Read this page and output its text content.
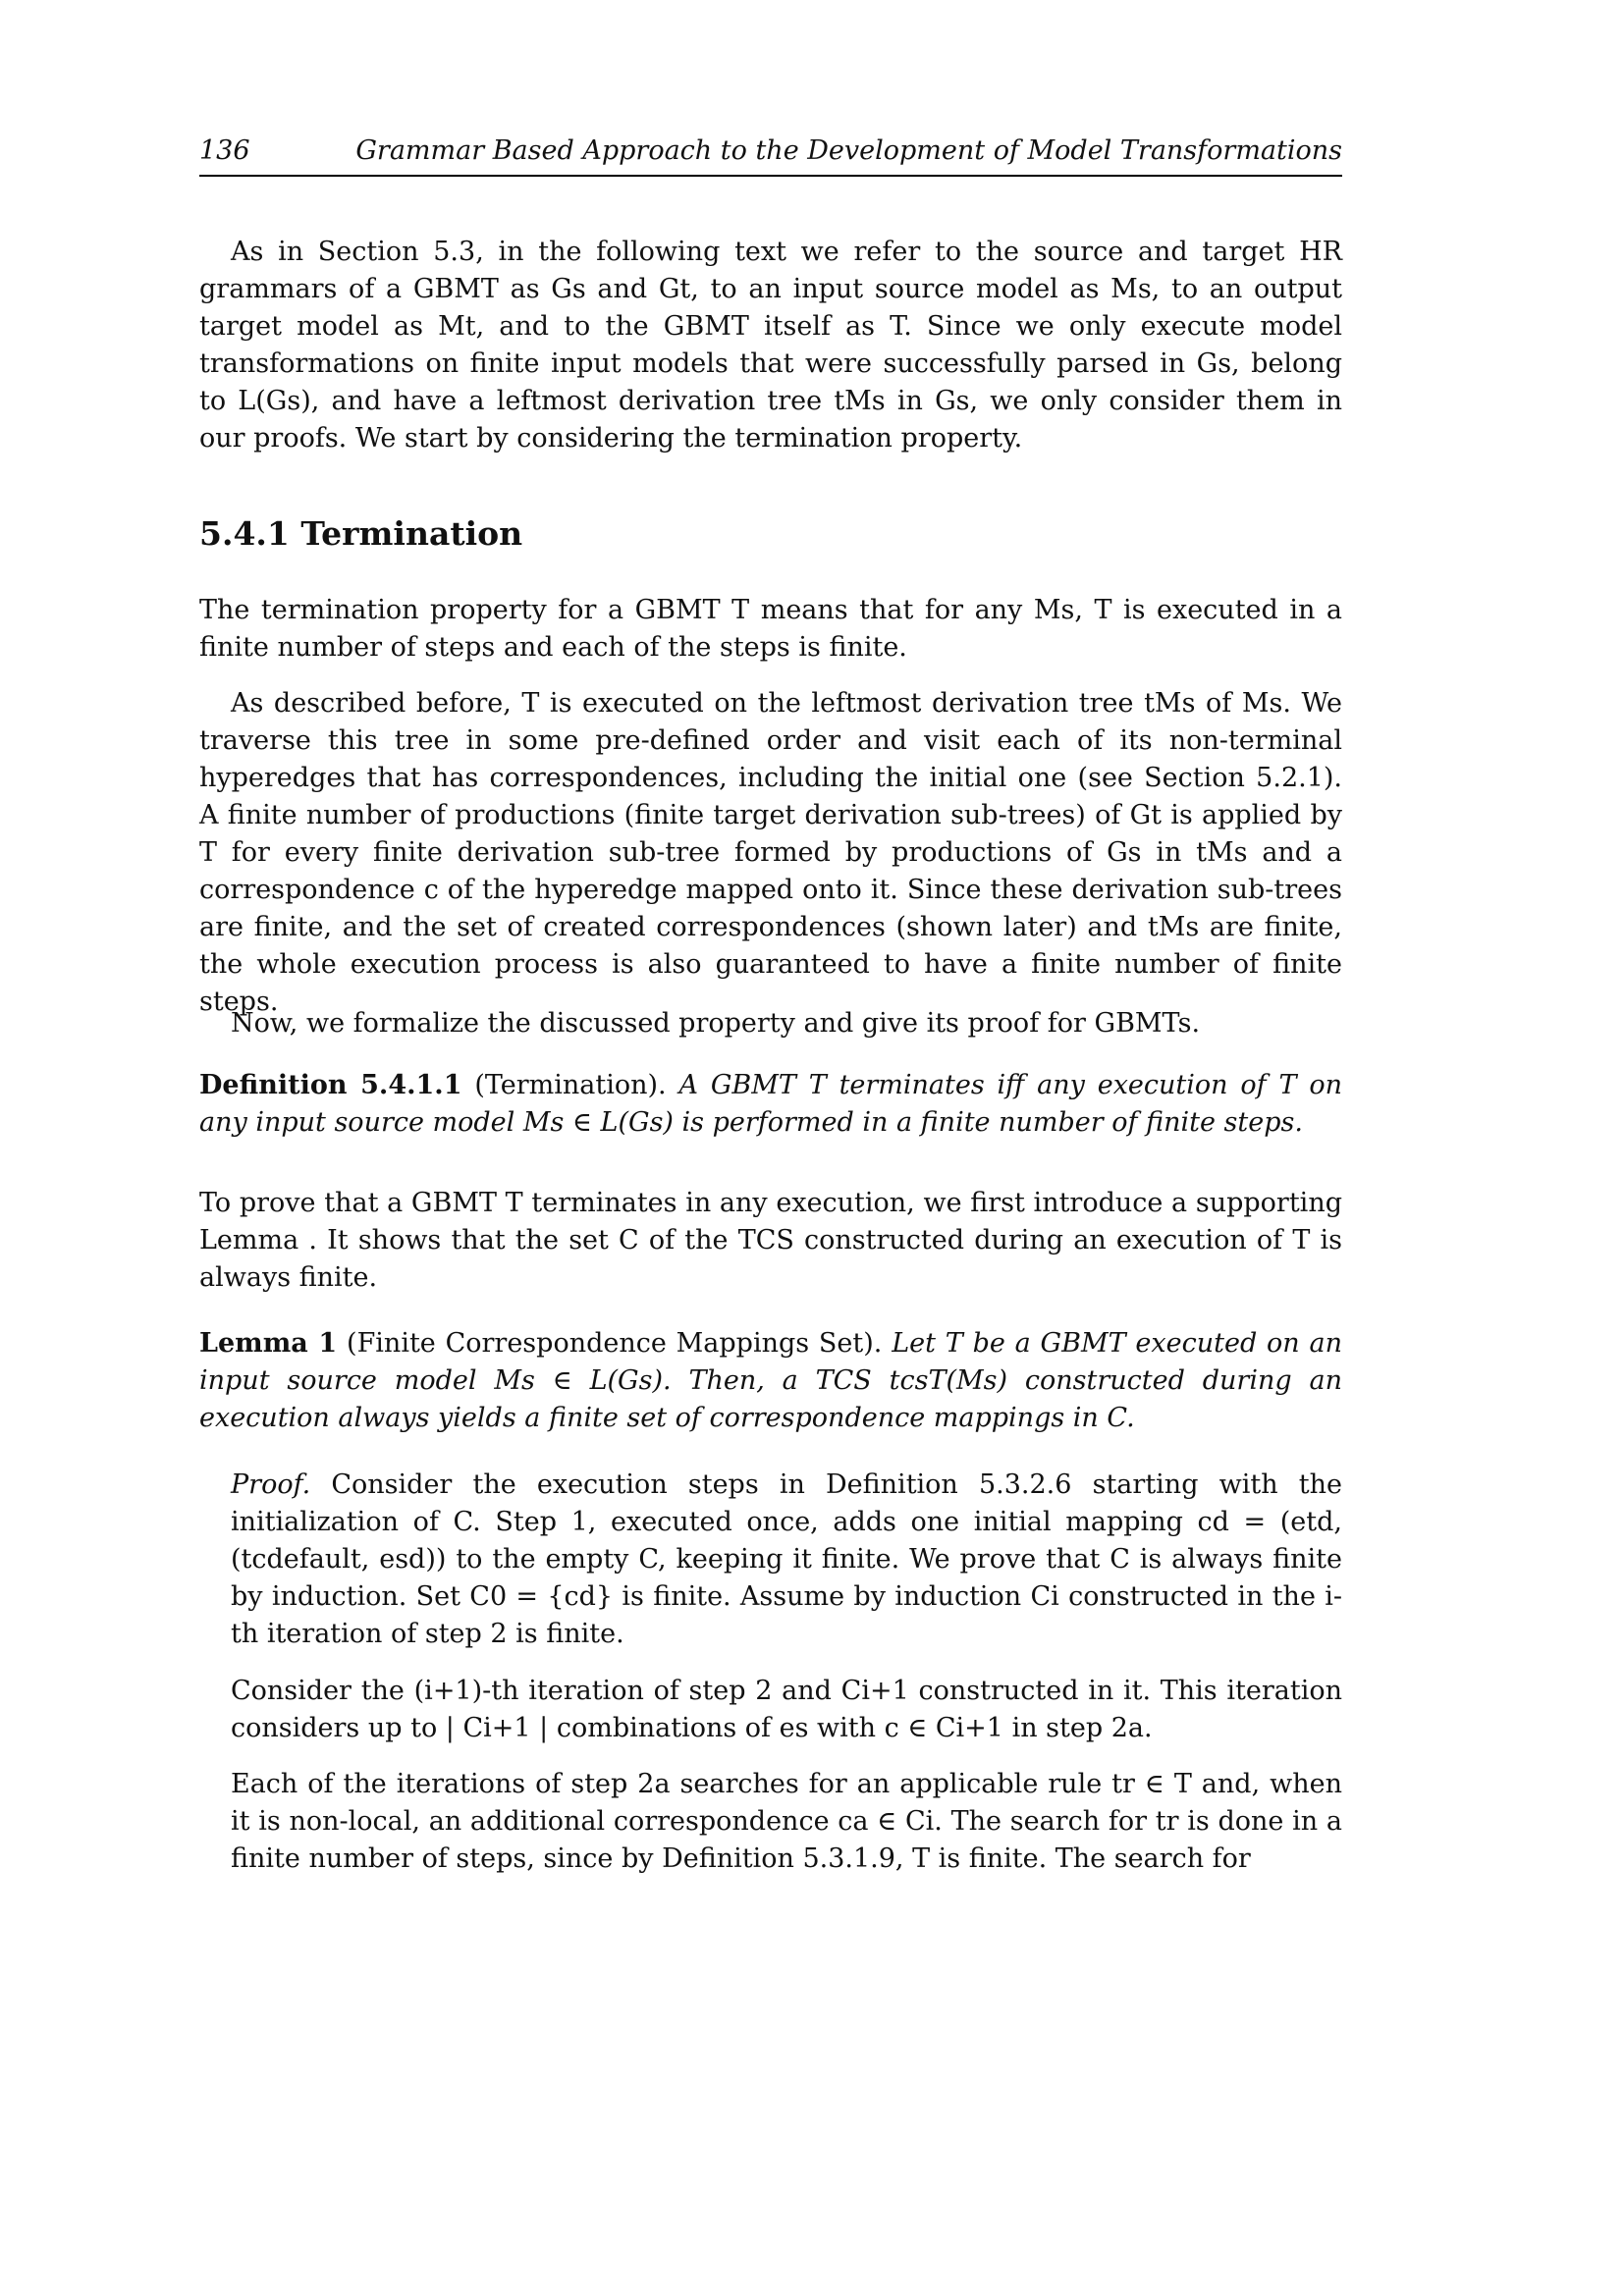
136	Grammar Based Approach to the Development of Model Transformations
As in Section 5.3, in the following text we refer to the source and target HR grammars of a GBMT as Gs and Gt, to an input source model as Ms, to an output target model as Mt, and to the GBMT itself as T. Since we only execute model transformations on finite input models that were successfully parsed in Gs, belong to L(Gs), and have a leftmost derivation tree tMs in Gs, we only consider them in our proofs. We start by considering the termination property.
5.4.1 Termination
The termination property for a GBMT T means that for any Ms, T is executed in a finite number of steps and each of the steps is finite.
As described before, T is executed on the leftmost derivation tree tMs of Ms. We traverse this tree in some pre-defined order and visit each of its non-terminal hyperedges that has correspondences, including the initial one (see Section 5.2.1). A finite number of productions (finite target derivation sub-trees) of Gt is applied by T for every finite derivation sub-tree formed by productions of Gs in tMs and a correspondence c of the hyperedge mapped onto it. Since these derivation sub-trees are finite, and the set of created correspondences (shown later) and tMs are finite, the whole execution process is also guaranteed to have a finite number of finite steps.
Now, we formalize the discussed property and give its proof for GBMTs.
Definition 5.4.1.1 (Termination). A GBMT T terminates iff any execution of T on any input source model Ms ∈ L(Gs) is performed in a finite number of finite steps.
To prove that a GBMT T terminates in any execution, we first introduce a supporting Lemma . It shows that the set C of the TCS constructed during an execution of T is always finite.
Lemma 1 (Finite Correspondence Mappings Set). Let T be a GBMT executed on an input source model Ms ∈ L(Gs). Then, a TCS tcsT(Ms) constructed during an execution always yields a finite set of correspondence mappings in C.
Proof. Consider the execution steps in Definition 5.3.2.6 starting with the initialization of C. Step 1, executed once, adds one initial mapping cd = (etd, (tcdefault, esd)) to the empty C, keeping it finite. We prove that C is always finite by induction. Set C0 = {cd} is finite. Assume by induction Ci constructed in the i-th iteration of step 2 is finite.
Consider the (i+1)-th iteration of step 2 and Ci+1 constructed in it. This iteration considers up to | Ci+1 | combinations of es with c ∈ Ci+1 in step 2a.
Each of the iterations of step 2a searches for an applicable rule tr ∈ T and, when it is non-local, an additional correspondence ca ∈ Ci. The search for tr is done in a finite number of steps, since by Definition 5.3.1.9, T is finite. The search for
